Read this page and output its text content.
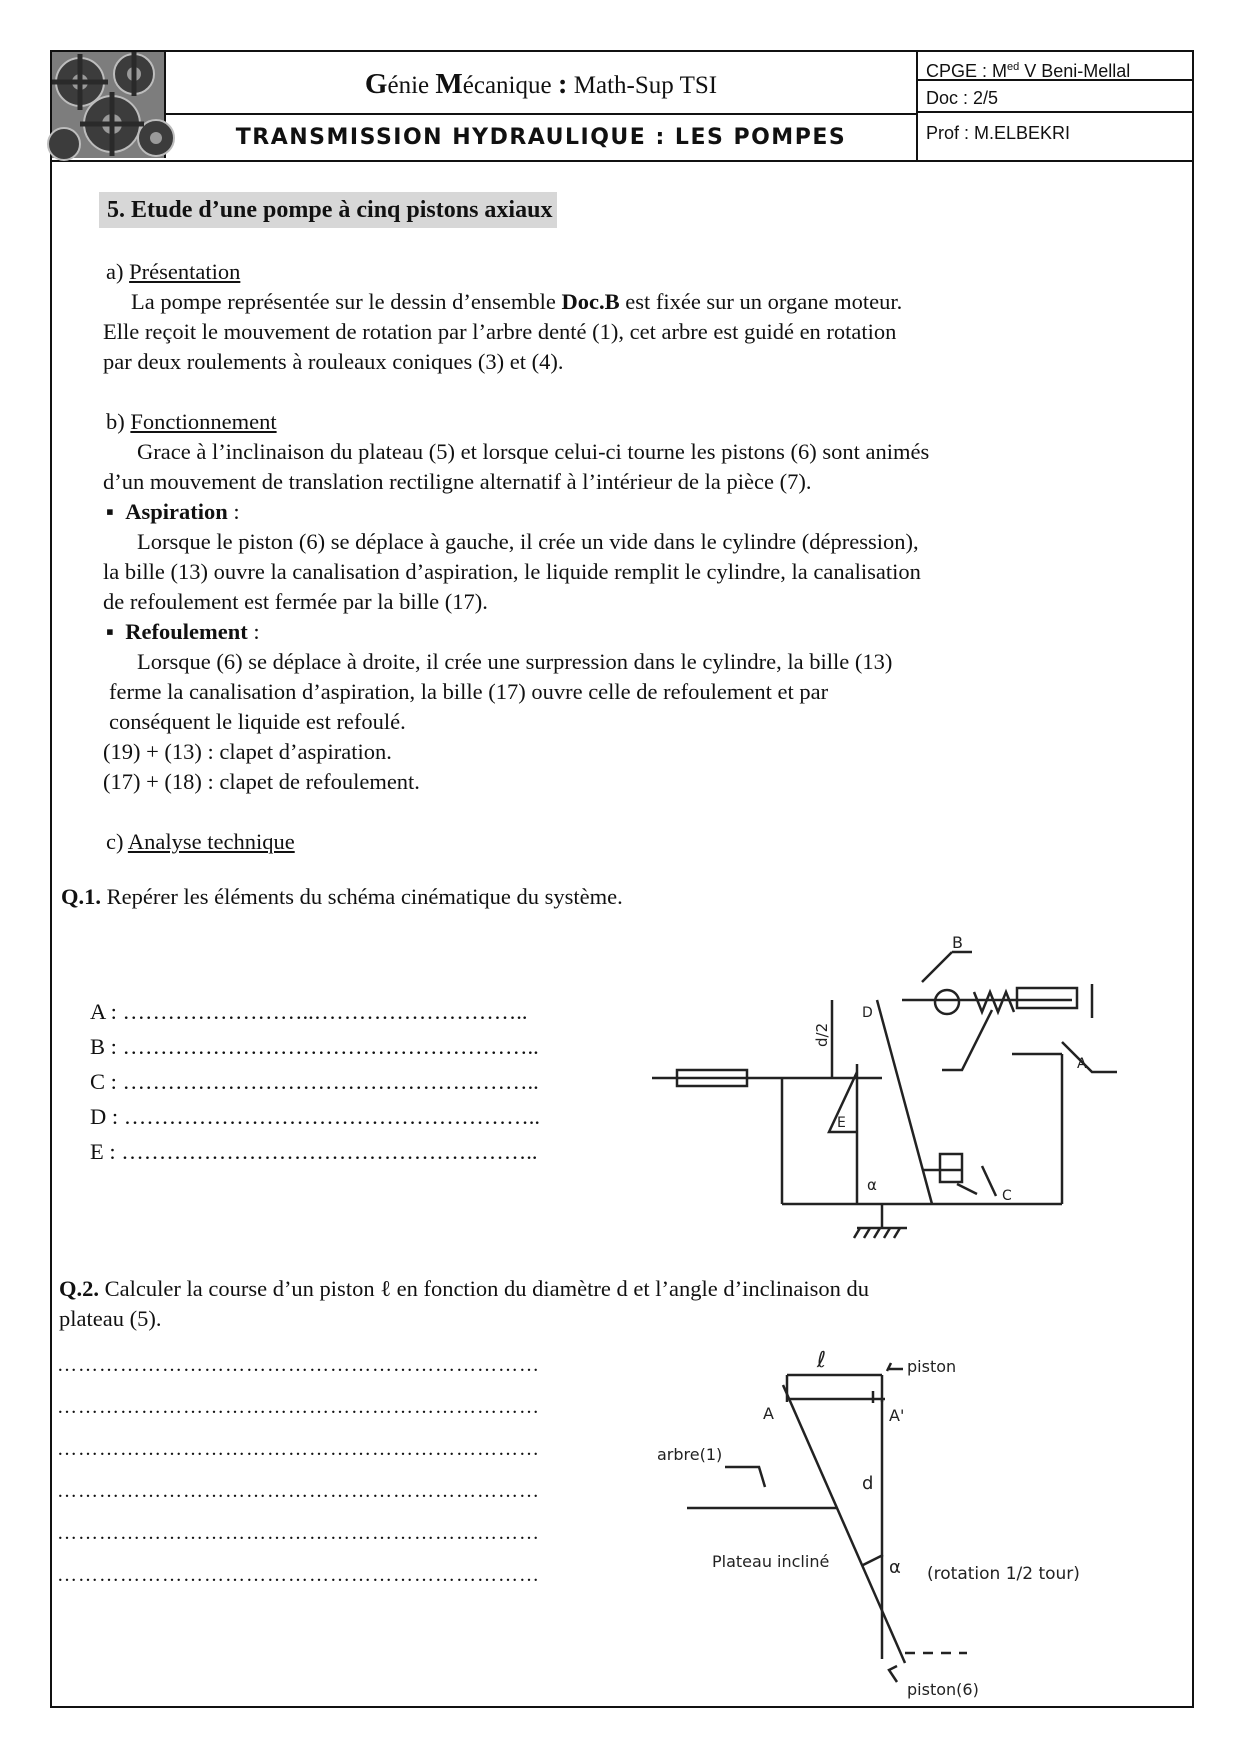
Génie Mécanique : Math-Sup TSI
TRANSMISSION HYDRAULIQUE : LES POMPES
CPGE : $M^{ed}$ V Beni-Mellal
Doc : 2/5
Prof : M.ELBEKRI
5. Etude d’une pompe à cinq pistons axiaux
a) Présentation
La pompe représentée sur le dessin d’ensemble Doc.B est fixée sur un organe moteur.
Elle reçoit le mouvement de rotation par l’arbre denté (1), cet arbre est guidé en rotation
par deux roulements à rouleaux coniques (3) et (4).
b) Fonctionnement
Grace à l’inclinaison du plateau (5) et lorsque celui-ci tourne les pistons (6) sont animés
d’un mouvement de translation rectiligne alternatif à l’intérieur de la pièce (7).
▪ Aspiration :
Lorsque le piston (6) se déplace à gauche, il crée un vide dans le cylindre (dépression),
la bille (13) ouvre la canalisation d’aspiration, le liquide remplit le cylindre, la canalisation
de refoulement est fermée par la bille (17).
▪ Refoulement :
Lorsque (6) se déplace à droite, il crée une surpression dans le cylindre, la bille (13)
ferme la canalisation d’aspiration, la bille (17) ouvre celle de refoulement et par
conséquent le liquide est refoulé.
(19) + (13) : clapet d’aspiration.
(17) + (18) : clapet de refoulement.
c) Analyse technique
Q.1. Repérer les éléments du schéma cinématique du système.
A : ……………………..………………………..
B : ………………………………………………..
C : ………………………………………………..
D : ………………………………………………..
E : ………………………………………………..
B
d/2
D
A
E
α
C
Q.2. Calculer la course d’un piston ℓ en fonction du diamètre d et l’angle d’inclinaison du
plateau (5).
……………………………………………………………
……………………………………………………………
……………………………………………………………
……………………………………………………………
……………………………………………………………
……………………………………………………………
ℓ	piston
A	A'
arbre(1)
d
Plateau incliné	α (rotation 1/2 tour)
piston(6)
